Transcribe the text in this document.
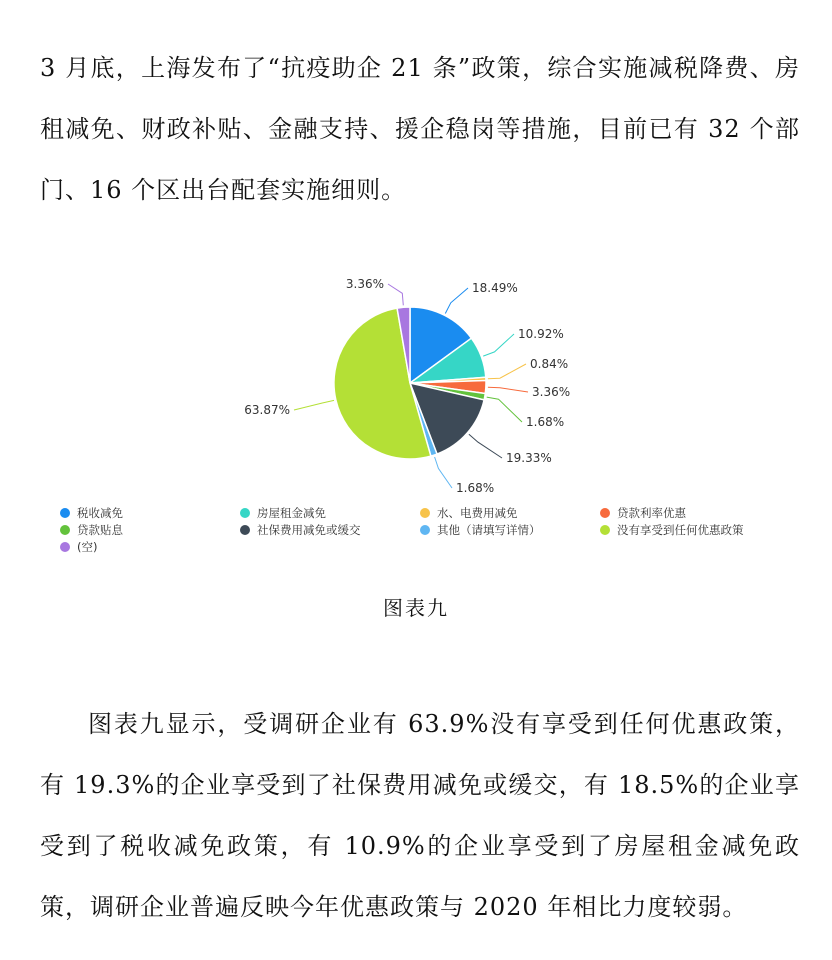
3 月底，上海发布了“抗疫助企 21 条”政策，综合实施减税降费、房租减免、财政补贴、金融支持、援企稳岗等措施，目前已有 32 个部门、16 个区出台配套实施细则。

18.49%
10.92%
0.84%
3.36%
1.68%
19.33%
1.68%
63.87%
3.36%
税收减免	房屋租金减免	水、电费用减免	贷款利率优惠
贷款贴息	社保费用减免或缓交	其他（请填写详情）	没有享受到任何优惠政策
(空)
图表九

图表九显示，受调研企业有 63.9%没有享受到任何优惠政策，有 19.3%的企业享受到了社保费用减免或缓交，有 18.5%的企业享受到了税收减免政策，有 10.9%的企业享受到了房屋租金减免政策，调研企业普遍反映今年优惠政策与 2020 年相比力度较弱。
